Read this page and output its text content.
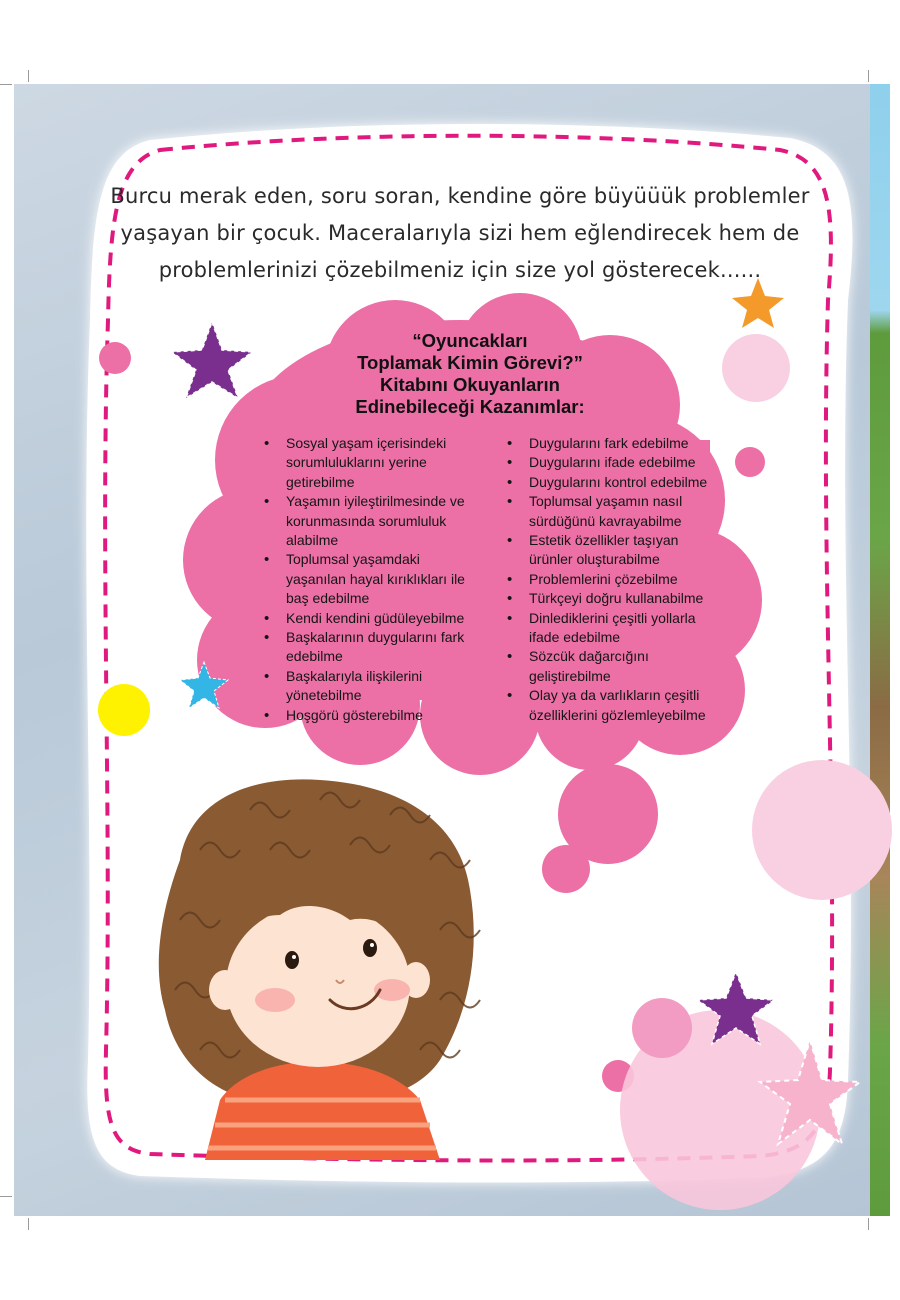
Burcu merak eden, soru soran, kendine göre büyüüük problemler yaşayan bir çocuk. Maceralarıyla sizi hem eğlendirecek hem de problemlerinizi çözebilmeniz için size yol gösterecek......
“Oyuncakları
Toplamak Kimin Görevi?”
Kitabını Okuyanların
Edinebileceği Kazanımlar:
• Sosyal yaşam içerisindeki sorumluluklarını yerine getirebilme
• Yaşamın iyileştirilmesinde ve korunmasında sorumluluk alabilme
• Toplumsal yaşamdaki yaşanılan hayal kırıklıkları ile baş edebilme
• Kendi kendini güdüleyebilme
• Başkalarının duygularını fark edebilme
• Başkalarıyla ilişkilerini yönetebilme
• Hoşgörü gösterebilme
• Duygularını fark edebilme
• Duygularını ifade edebilme
• Duygularını kontrol edebilme
• Toplumsal yaşamın nasıl sürdüğünü kavrayabilme
• Estetik özellikler taşıyan ürünler oluşturabilme
• Problemlerini çözebilme
• Türkçeyi doğru kullanabilme
• Dinlediklerini çeşitli yollarla ifade edebilme
• Sözcük dağarcığını geliştirebilme
• Olay ya da varlıkların çeşitli özelliklerini gözlemleyebilme
